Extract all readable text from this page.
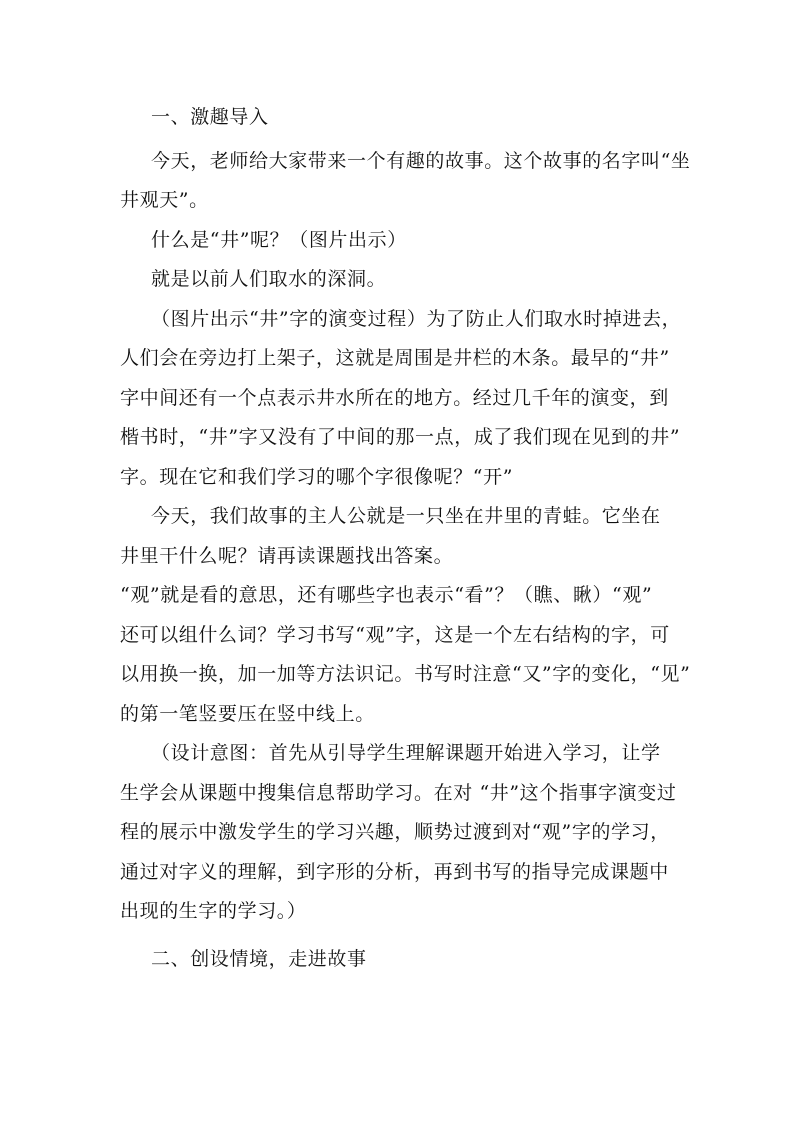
一、激趣导入

今天，老师给大家带来一个有趣的故事。这个故事的名字叫“坐
井观天”。
什么是“井”呢？（图片出示）
就是以前人们取水的深洞。
（图片出示“井”字的演变过程）为了防止人们取水时掉进去，
人们会在旁边打上架子，这就是周围是井栏的木条。最早的“井”
字中间还有一个点表示井水所在的地方。经过几千年的演变，到
楷书时，“井”字又没有了中间的那一点，成了我们现在见到的井”
字。现在它和我们学习的哪个字很像呢？“开”
今天，我们故事的主人公就是一只坐在井里的青蛙。它坐在
井里干什么呢？请再读课题找出答案。
“观”就是看的意思，还有哪些字也表示“看”？（瞧、瞅）“观”
还可以组什么词？学习书写“观”字，这是一个左右结构的字，可
以用换一换，加一加等方法识记。书写时注意“又”字的变化，“见”
的第一笔竖要压在竖中线上。
（设计意图：首先从引导学生理解课题开始进入学习，让学
生学会从课题中搜集信息帮助学习。在对 “井”这个指事字演变过
程的展示中激发学生的学习兴趣，顺势过渡到对“观”字的学习，
通过对字义的理解，到字形的分析，再到书写的指导完成课题中
出现的生字的学习。）

二、创设情境，走进故事
